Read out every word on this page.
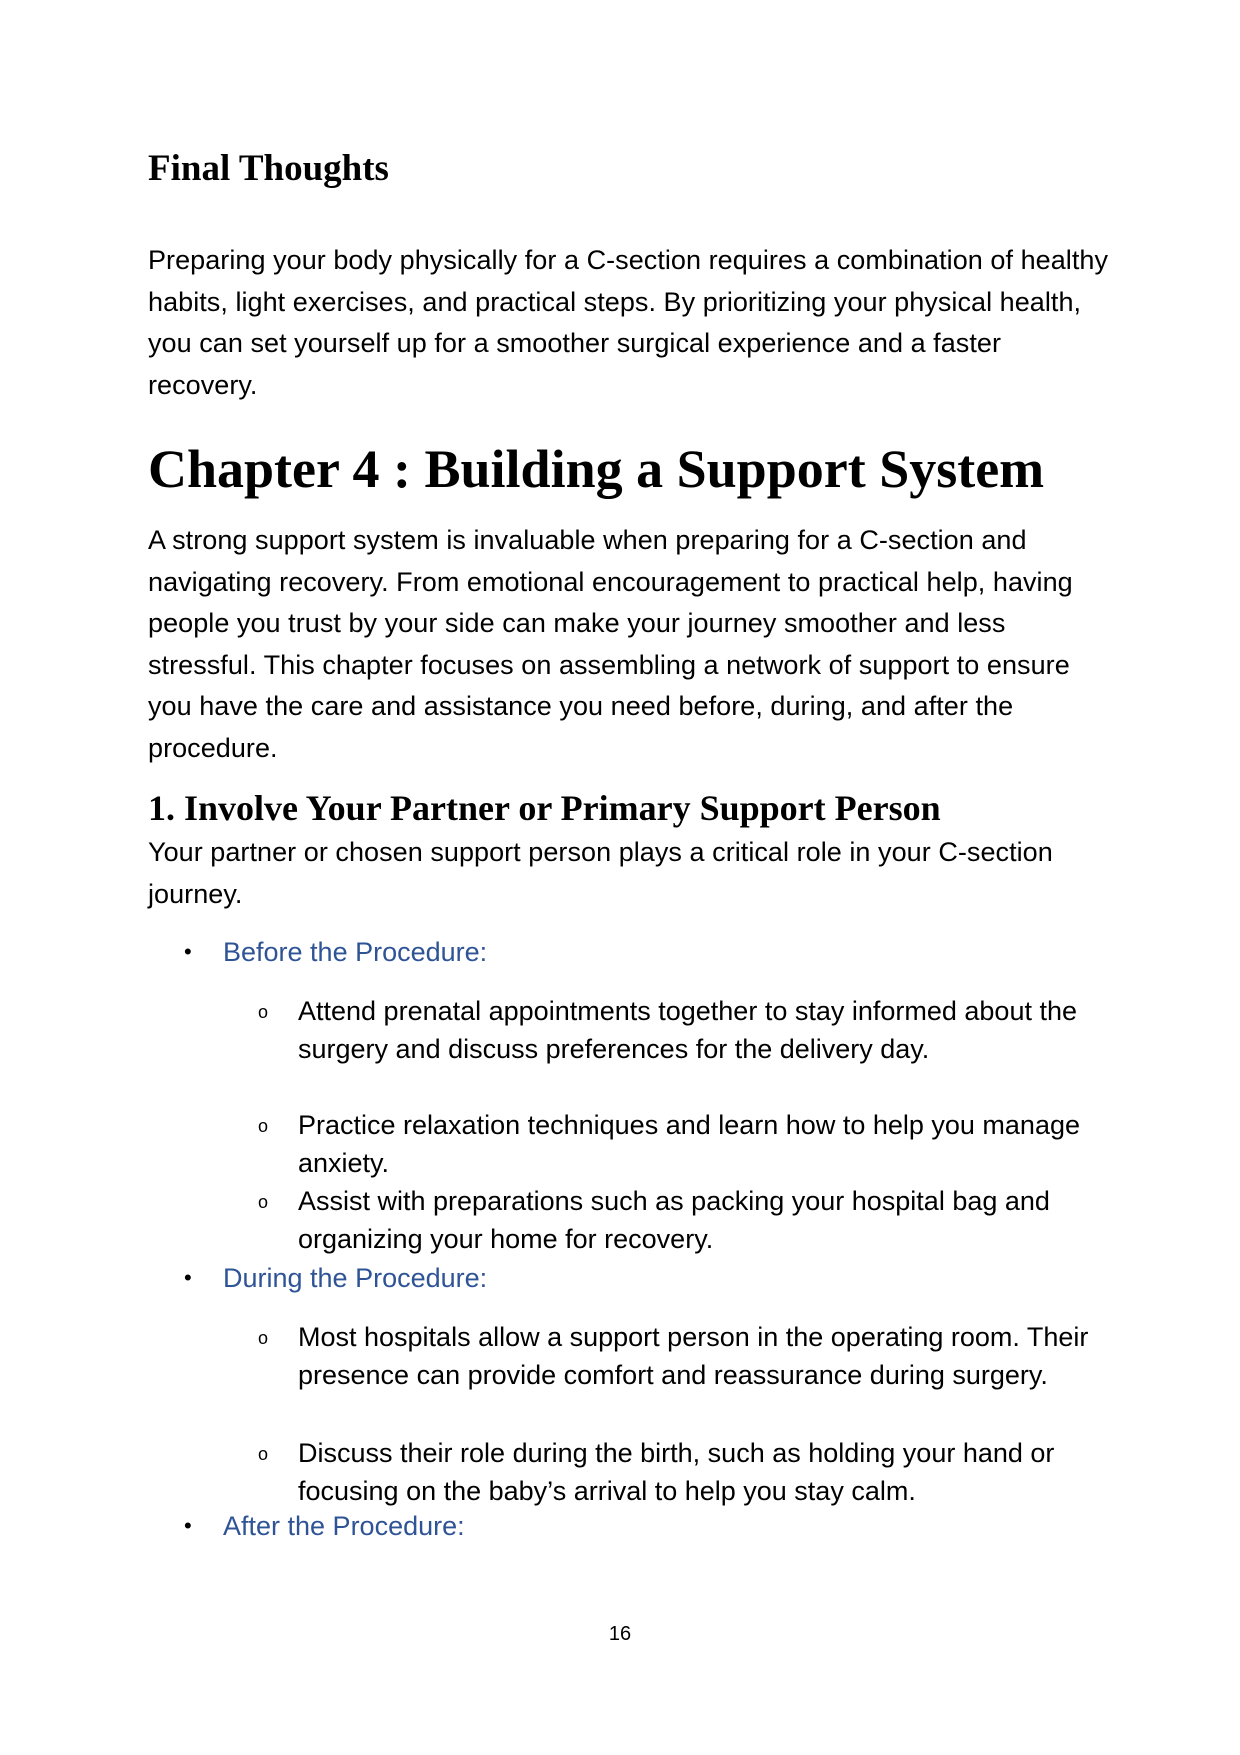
Final Thoughts

Preparing your body physically for a C-section requires a combination of healthy habits, light exercises, and practical steps. By prioritizing your physical health, you can set yourself up for a smoother surgical experience and a faster recovery.

Chapter 4 : Building a Support System

A strong support system is invaluable when preparing for a C-section and navigating recovery. From emotional encouragement to practical help, having people you trust by your side can make your journey smoother and less stressful. This chapter focuses on assembling a network of support to ensure you have the care and assistance you need before, during, and after the procedure.

1. Involve Your Partner or Primary Support Person

Your partner or chosen support person plays a critical role in your C-section journey.

• Before the Procedure:
o Attend prenatal appointments together to stay informed about the surgery and discuss preferences for the delivery day.
o Practice relaxation techniques and learn how to help you manage anxiety.
o Assist with preparations such as packing your hospital bag and organizing your home for recovery.
• During the Procedure:
o Most hospitals allow a support person in the operating room. Their presence can provide comfort and reassurance during surgery.
o Discuss their role during the birth, such as holding your hand or focusing on the baby’s arrival to help you stay calm.
• After the Procedure:
16
